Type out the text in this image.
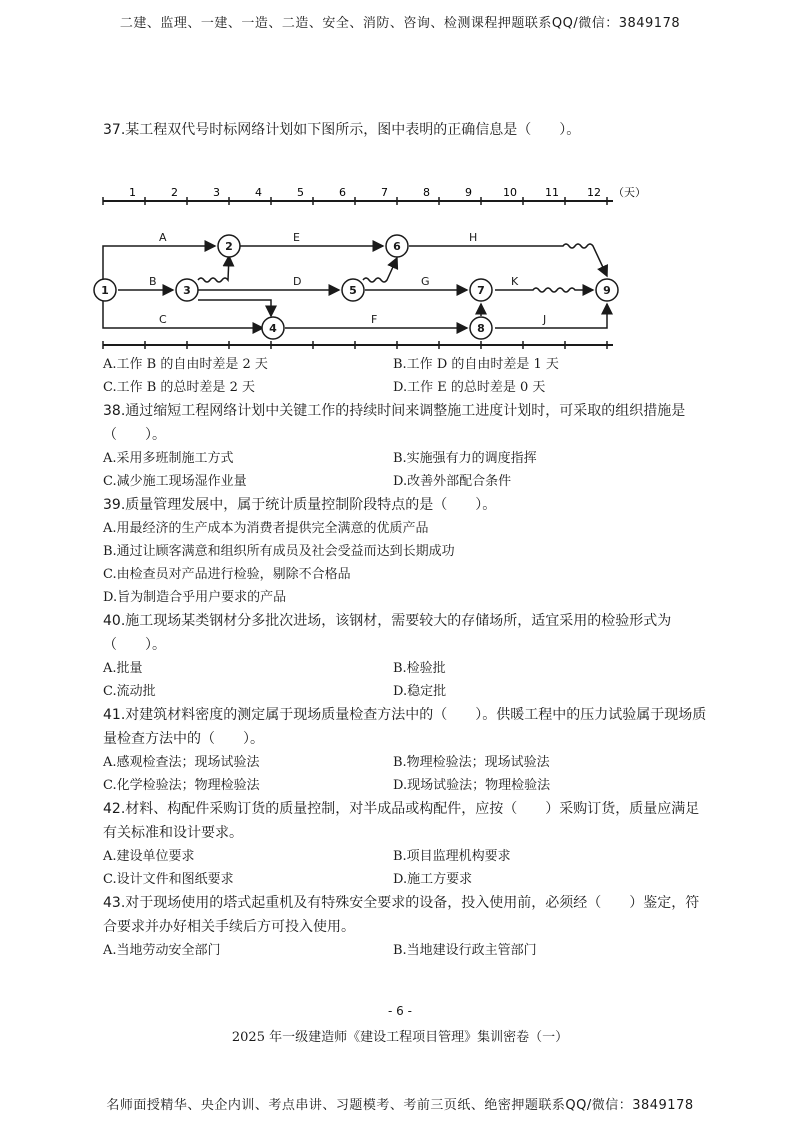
二建、监理、一建、一造、二造、安全、消防、咨询、检测课程押题联系QQ/微信：3849178

37.某工程双代号时标网络计划如下图所示，图中表明的正确信息是（　　）。

1	2	3	4	5	6	7	8	9	10	11	12 （天）
A
B
C
D
E
F
G
H
J
K
1
2
3
4
5
6
7
8
9
A.工作 B 的自由时差是 2 天	B.工作 D 的自由时差是 1 天
C.工作 B 的总时差是 2 天	D.工作 E 的总时差是 0 天

38.通过缩短工程网络计划中关键工作的持续时间来调整施工进度计划时，可采取的组织措施是（　　）。

A.采用多班制施工方式	B.实施强有力的调度指挥
C.减少施工现场湿作业量	D.改善外部配合条件

39.质量管理发展中，属于统计质量控制阶段特点的是（　　）。

A.用最经济的生产成本为消费者提供完全满意的优质产品
B.通过让顾客满意和组织所有成员及社会受益而达到长期成功
C.由检查员对产品进行检验，剔除不合格品
D.旨为制造合乎用户要求的产品

40.施工现场某类钢材分多批次进场，该钢材，需要较大的存储场所，适宜采用的检验形式为（　　）。

A.批量	B.检验批
C.流动批	D.稳定批

41.对建筑材料密度的测定属于现场质量检查方法中的（　　）。供暖工程中的压力试验属于现场质量检查方法中的（　　）。

A.感观检查法；现场试验法	B.物理检验法；现场试验法
C.化学检验法；物理检验法	D.现场试验法；物理检验法

42.材料、构配件采购订货的质量控制，对半成品或构配件，应按（　　）采购订货，质量应满足有关标准和设计要求。

A.建设单位要求	B.项目监理机构要求
C.设计文件和图纸要求	D.施工方要求

43.对于现场使用的塔式起重机及有特殊安全要求的设备，投入使用前，必须经（　　）鉴定，符合要求并办好相关手续后方可投入使用。

A.当地劳动安全部门	B.当地建设行政主管部门
- 6 -
2025 年一级建造师《建设工程项目管理》集训密卷（一）
名师面授精华、央企内训、考点串讲、习题模考、考前三页纸、绝密押题联系QQ/微信：3849178
